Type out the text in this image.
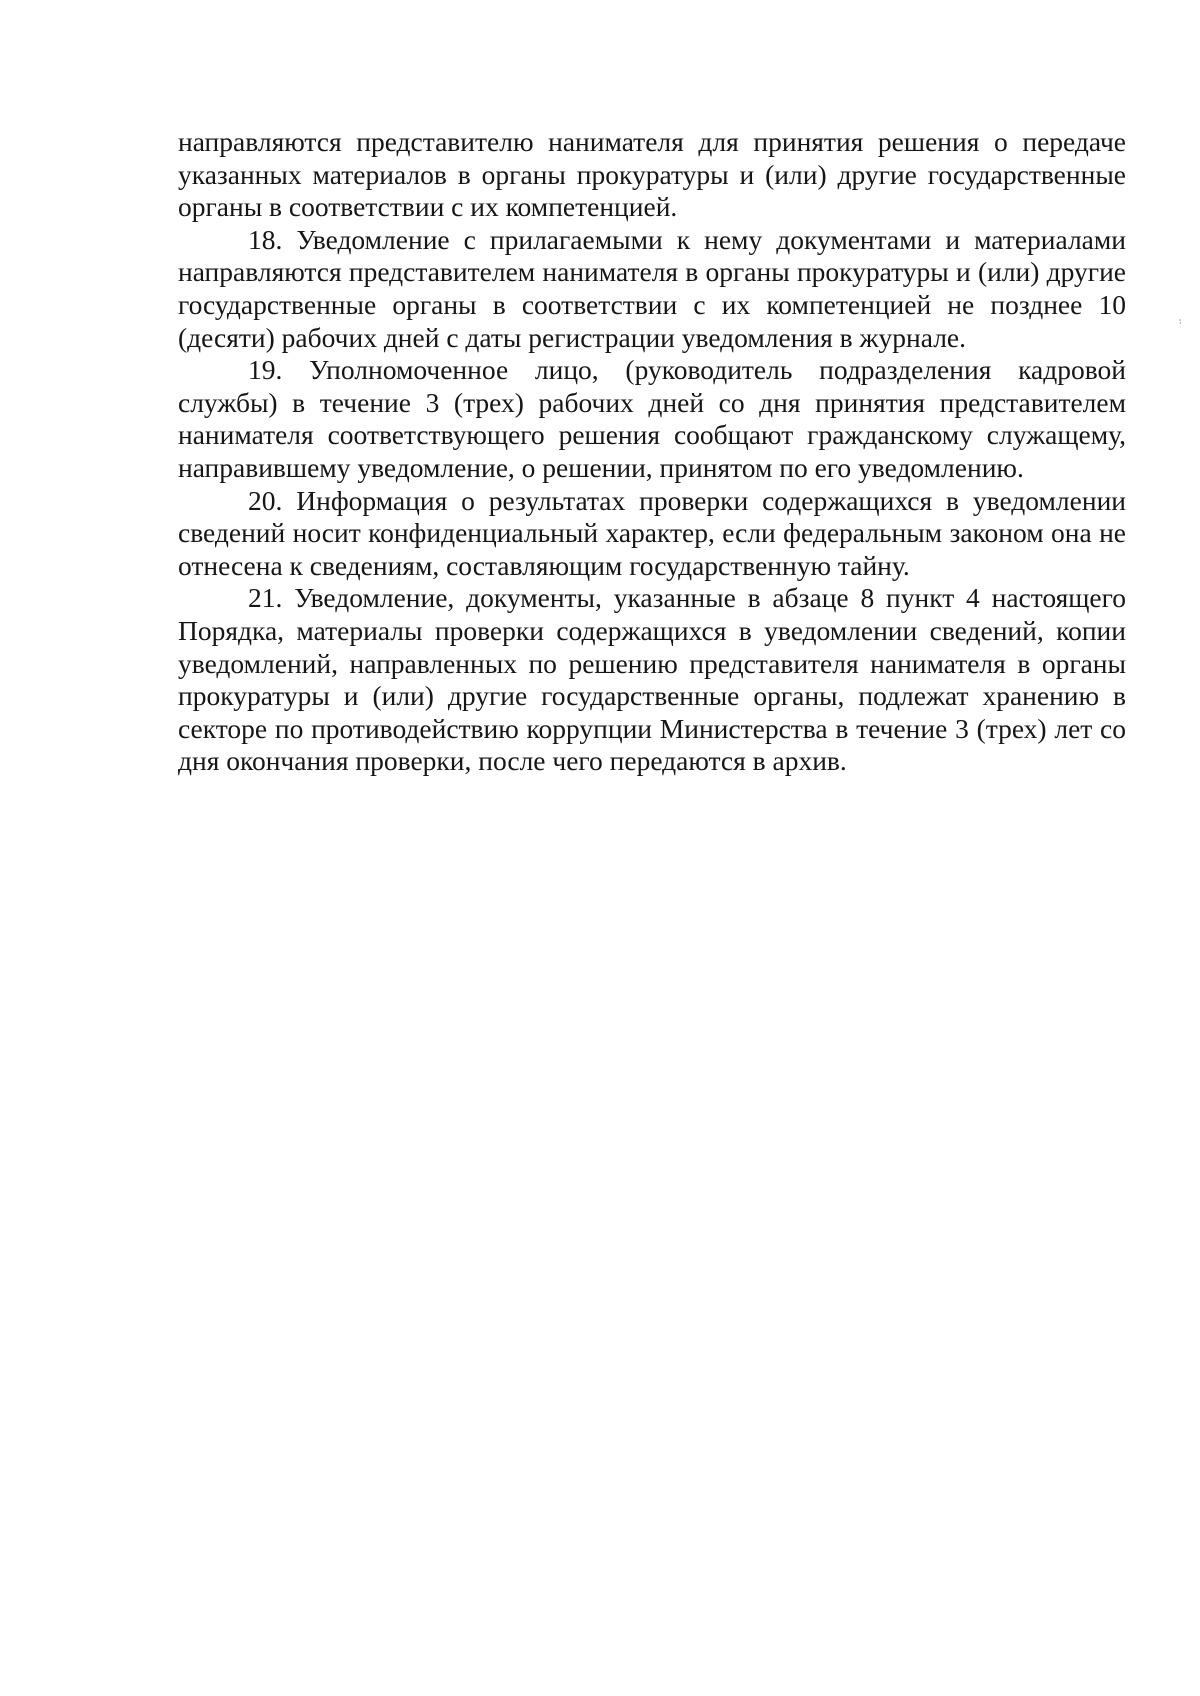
направляются представителю нанимателя для принятия решения о передаче указанных материалов в органы прокуратуры и (или) другие государственные органы в соответствии с их компетенцией.

18. Уведомление с прилагаемыми к нему документами и материалами направляются представителем нанимателя в органы прокуратуры и (или) другие государственные органы в соответствии с их компетенцией не позднее 10 (десяти) рабочих дней с даты регистрации уведомления в журнале.

19. Уполномоченное лицо, (руководитель подразделения кадровой службы) в течение 3 (трех) рабочих дней со дня принятия представителем нанимателя соответствующего решения сообщают гражданскому служащему, направившему уведомление, о решении, принятом по его уведомлению.

20. Информация о результатах проверки содержащихся в уведомлении сведений носит конфиденциальный характер, если федеральным законом она не отнесена к сведениям, составляющим государственную тайну.

21. Уведомление, документы, указанные в абзаце 8 пункт 4 настоящего Порядка, материалы проверки содержащихся в уведомлении сведений, копии уведомлений, направленных по решению представителя нанимателя в органы прокуратуры и (или) другие государственные органы, подлежат хранению в секторе по противодействию коррупции Министерства в течение 3 (трех) лет со дня окончания проверки, после чего передаются в архив.
